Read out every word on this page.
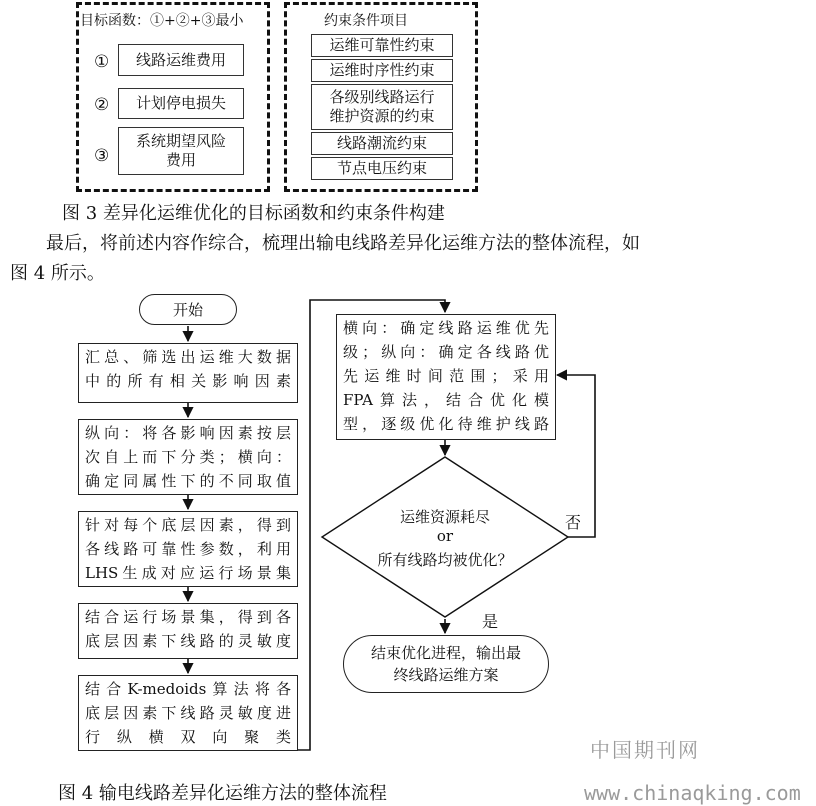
目标函数：①+②+③最小
①	线路运维费用
② 计划停电损失
③
系统期望风险
费用
约束条件项目
运维可靠性约束
运维时序性约束
各级别线路运行
维护资源的约束
线路潮流约束
节点电压约束
图 3 差异化运维优化的目标函数和约束条件构建
最后，将前述内容作综合，梳理出输电线路差异化运维方法的整体流程，如
图 4 所示。
开始
汇总、筛选出运维大数据
中的所有相关影响因素
纵向：将各影响因素按层
次自上而下分类；横向：
确定同属性下的不同取值
针对每个底层因素，得到
各线路可靠性参数，利用
LHS生成对应运行场景集
结合运行场景集，得到各
底层因素下线路的灵敏度
结合K-medoids算法将各
底层因素下线路灵敏度进
行纵横双向聚类
横向：确定线路运维优先
级；纵向：确定各线路优
先运维时间范围；采用
FPA算法，结合优化模
型，逐级优化待维护线路
运维资源耗尽
or
所有线路均被优化？
否
是
结束优化进程，输出最
终线路运维方案
中国期刊网
www.chinaqking.com
图 4 输电线路差异化运维方法的整体流程
